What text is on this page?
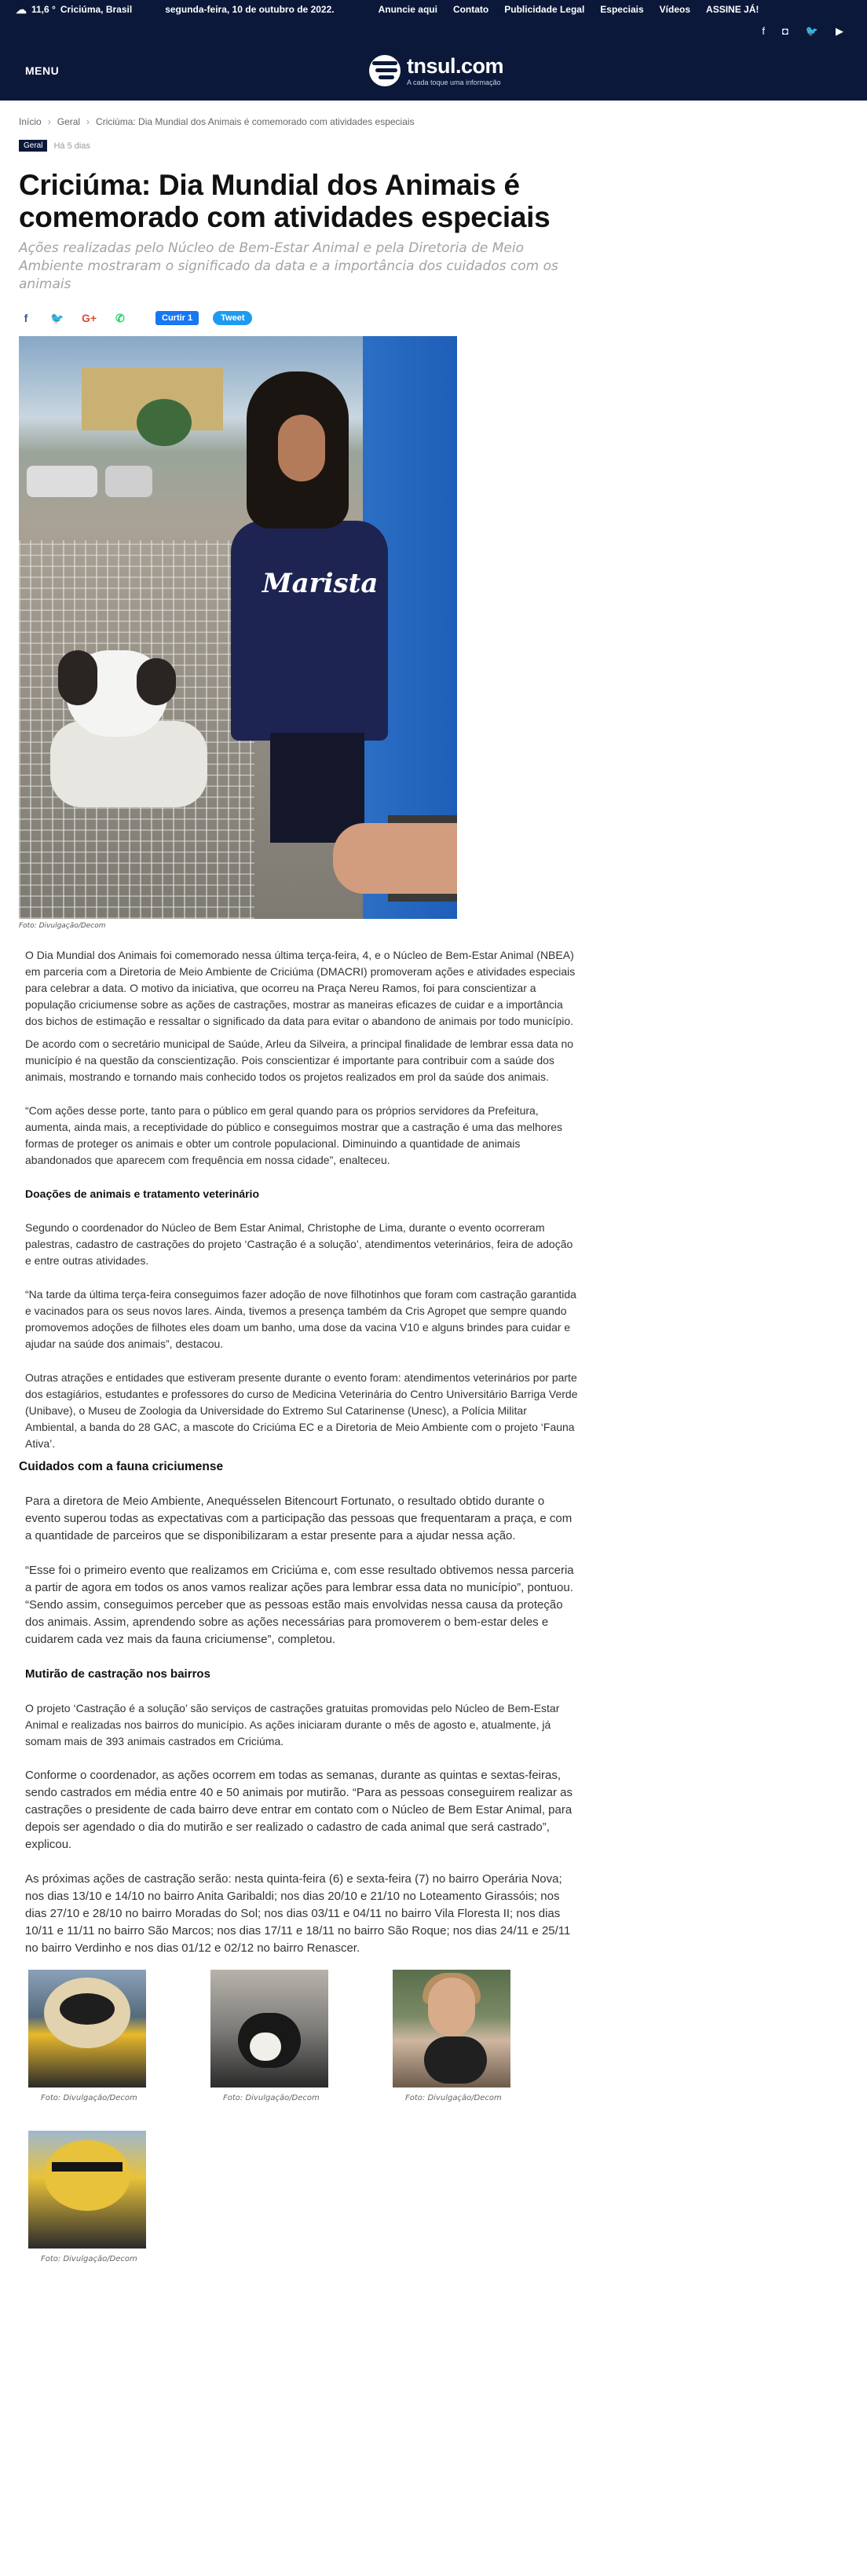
☁ 11,6 ° Criciúma, Brasil	segunda-feira, 10 de outubro de 2022.	Anuncie aqui Contato Publicidade Legal Especiais Vídeos ASSINE JÁ!
f ◘ 🐦 ▶
MENU	tnsul.com
A cada toque uma informação
Início › Geral › Criciúma: Dia Mundial dos Animais é comemorado com atividades especiais
Geral	Há 5 dias
Criciúma: Dia Mundial dos Animais é comemorado com atividades especiais
Ações realizadas pelo Núcleo de Bem-Estar Animal e pela Diretoria de Meio Ambiente mostraram o significado da data e a importância dos cuidados com os animais
f	🐦 G+ ✆	Curtir 1	Tweet
Marista
Foto: Divulgação/Decom

O Dia Mundial dos Animais foi comemorado nessa última terça-feira, 4, e o Núcleo de Bem-Estar Animal (NBEA) em parceria com a Diretoria de Meio Ambiente de Criciúma (DMACRI) promoveram ações e atividades especiais para celebrar a data. O motivo da iniciativa, que ocorreu na Praça Nereu Ramos, foi para conscientizar a população criciumense sobre as ações de castrações, mostrar as maneiras eficazes de cuidar e a importância dos bichos de estimação e ressaltar o significado da data para evitar o abandono de animais por todo município.

De acordo com o secretário municipal de Saúde, Arleu da Silveira, a principal finalidade de lembrar essa data no município é na questão da conscientização. Pois conscientizar é importante para contribuir com a saúde dos animais, mostrando e tornando mais conhecido todos os projetos realizados em prol da saúde dos animais.

“Com ações desse porte, tanto para o público em geral quando para os próprios servidores da Prefeitura, aumenta, ainda mais, a receptividade do público e conseguimos mostrar que a castração é uma das melhores formas de proteger os animais e obter um controle populacional. Diminuindo a quantidade de animais abandonados que aparecem com frequência em nossa cidade”, enalteceu.

Doações de animais e tratamento veterinário

Segundo o coordenador do Núcleo de Bem Estar Animal, Christophe de Lima, durante o evento ocorreram palestras, cadastro de castrações do projeto ‘Castração é a solução’, atendimentos veterinários, feira de adoção e entre outras atividades.

“Na tarde da última terça-feira conseguimos fazer adoção de nove filhotinhos que foram com castração garantida e vacinados para os seus novos lares. Ainda, tivemos a presença também da Cris Agropet que sempre quando promovemos adoções de filhotes eles doam um banho, uma dose da vacina V10 e alguns brindes para cuidar e ajudar na saúde dos animais”, destacou.

Outras atrações e entidades que estiveram presente durante o evento foram: atendimentos veterinários por parte dos estagiários, estudantes e professores do curso de Medicina Veterinária do Centro Universitário Barriga Verde (Unibave), o Museu de Zoologia da Universidade do Extremo Sul Catarinense (Unesc), a Polícia Militar Ambiental, a banda do 28 GAC, a mascote do Criciúma EC e a Diretoria de Meio Ambiente com o projeto ‘Fauna Ativa’.

Cuidados com a fauna criciumense

Para a diretora de Meio Ambiente, Anequésselen Bitencourt Fortunato, o resultado obtido durante o evento superou todas as expectativas com a participação das pessoas que frequentaram a praça, e com a quantidade de parceiros que se disponibilizaram a estar presente para a ajudar nessa ação.

“Esse foi o primeiro evento que realizamos em Criciúma e, com esse resultado obtivemos nessa parceria a partir de agora em todos os anos vamos realizar ações para lembrar essa data no município”, pontuou. “Sendo assim, conseguimos perceber que as pessoas estão mais envolvidas nessa causa da proteção dos animais. Assim, aprendendo sobre as ações necessárias para promoverem o bem-estar deles e cuidarem cada vez mais da fauna criciumense”, completou.

Mutirão de castração nos bairros

O projeto ‘Castração é a solução’ são serviços de castrações gratuitas promovidas pelo Núcleo de Bem-Estar Animal e realizadas nos bairros do município. As ações iniciaram durante o mês de agosto e, atualmente, já somam mais de 393 animais castrados em Criciúma.

Conforme o coordenador, as ações ocorrem em todas as semanas, durante as quintas e sextas-feiras, sendo castrados em média entre 40 e 50 animais por mutirão. “Para as pessoas conseguirem realizar as castrações o presidente de cada bairro deve entrar em contato com o Núcleo de Bem Estar Animal, para depois ser agendado o dia do mutirão e ser realizado o cadastro de cada animal que será castrado”, explicou.

As próximas ações de castração serão: nesta quinta-feira (6) e sexta-feira (7) no bairro Operária Nova; nos dias 13/10 e 14/10 no bairro Anita Garibaldi; nos dias 20/10 e 21/10 no Loteamento Girassóis; nos dias 27/10 e 28/10 no bairro Moradas do Sol; nos dias 03/11 e 04/11 no bairro Vila Floresta II; nos dias 10/11 e 11/11 no bairro São Marcos; nos dias 17/11 e 18/11 no bairro São Roque; nos dias 24/11 e 25/11 no bairro Verdinho e nos dias 01/12 e 02/12 no bairro Renascer.

Foto: Divulgação/Decom	Foto: Divulgação/Decom	Foto: Divulgação/Decom
Foto: Divulgação/Decom
